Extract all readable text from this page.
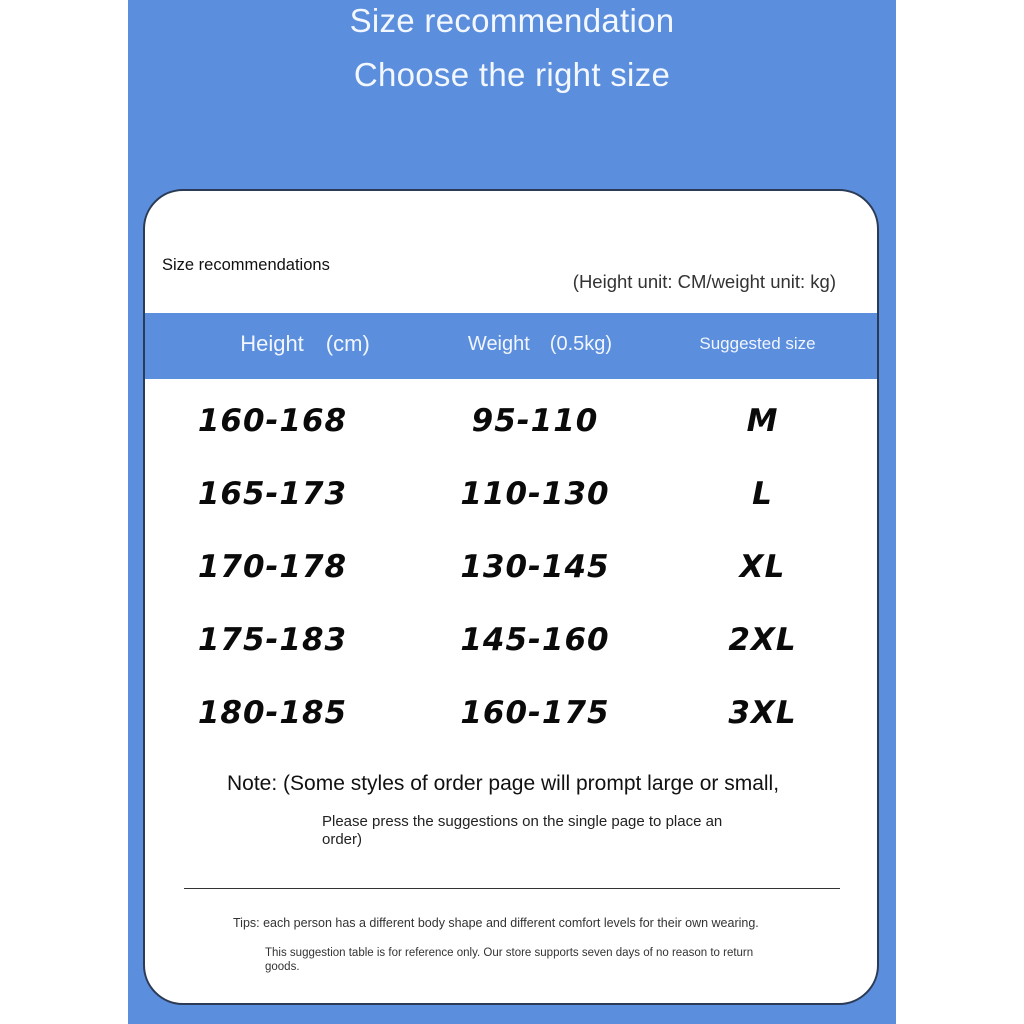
Size recommendation
Choose the right size
Size recommendations
(Height unit: CM/weight unit: kg)
Height　(cm)	Weight　(0.5kg)	Suggested size
160-168	95-110	M
165-173	110-130	L
170-178	130-145	XL
175-183	145-160	2XL
180-185	160-175	3XL
Note: (Some styles of order page will prompt large or small,
Please press the suggestions on the single page to place an order)
Tips: each person has a different body shape and different comfort levels for their own wearing.
This suggestion table is for reference only. Our store supports seven days of no reason to return goods.
